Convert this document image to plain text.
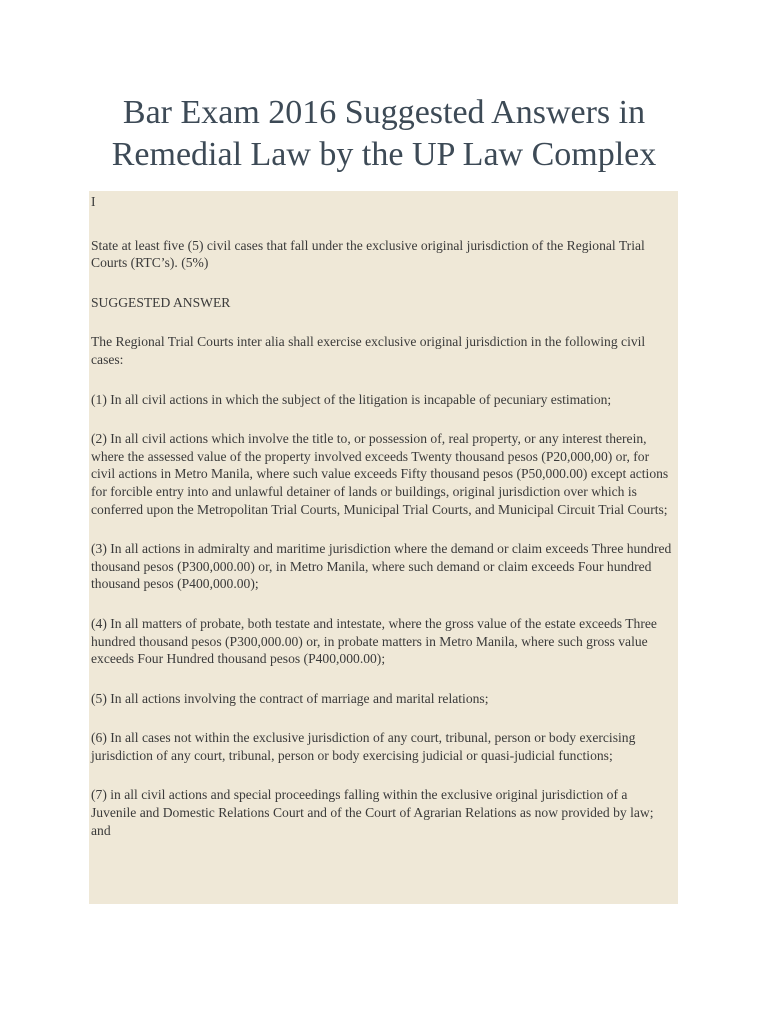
Bar Exam 2016 Suggested Answers in
Remedial Law by the UP Law Complex

I

State at least five (5) civil cases that fall under the exclusive original jurisdiction of the Regional Trial Courts (RTC’s). (5%)

SUGGESTED ANSWER

The Regional Trial Courts inter alia shall exercise exclusive original jurisdiction in the following civil cases:

(1) In all civil actions in which the subject of the litigation is incapable of pecuniary estimation;

(2) In all civil actions which involve the title to, or possession of, real property, or any interest therein, where the assessed value of the property involved exceeds Twenty thousand pesos (P20,000,00) or, for civil actions in Metro Manila, where such value exceeds Fifty thousand pesos (P50,000.00) except actions for forcible entry into and unlawful detainer of lands or buildings, original jurisdiction over which is conferred upon the Metropolitan Trial Courts, Municipal Trial Courts, and Municipal Circuit Trial Courts;

(3) In all actions in admiralty and maritime jurisdiction where the demand or claim exceeds Three hundred thousand pesos (P300,000.00) or, in Metro Manila, where such demand or claim exceeds Four hundred thousand pesos (P400,000.00);

(4) In all matters of probate, both testate and intestate, where the gross value of the estate exceeds Three hundred thousand pesos (P300,000.00) or, in probate matters in Metro Manila, where such gross value exceeds Four Hundred thousand pesos (P400,000.00);

(5) In all actions involving the contract of marriage and marital relations;

(6) In all cases not within the exclusive jurisdiction of any court, tribunal, person or body exercising jurisdiction of any court, tribunal, person or body exercising judicial or quasi-judicial functions;

(7) in all civil actions and special proceedings falling within the exclusive original jurisdiction of a Juvenile and Domestic Relations Court and of the Court of Agrarian Relations as now provided by law; and
